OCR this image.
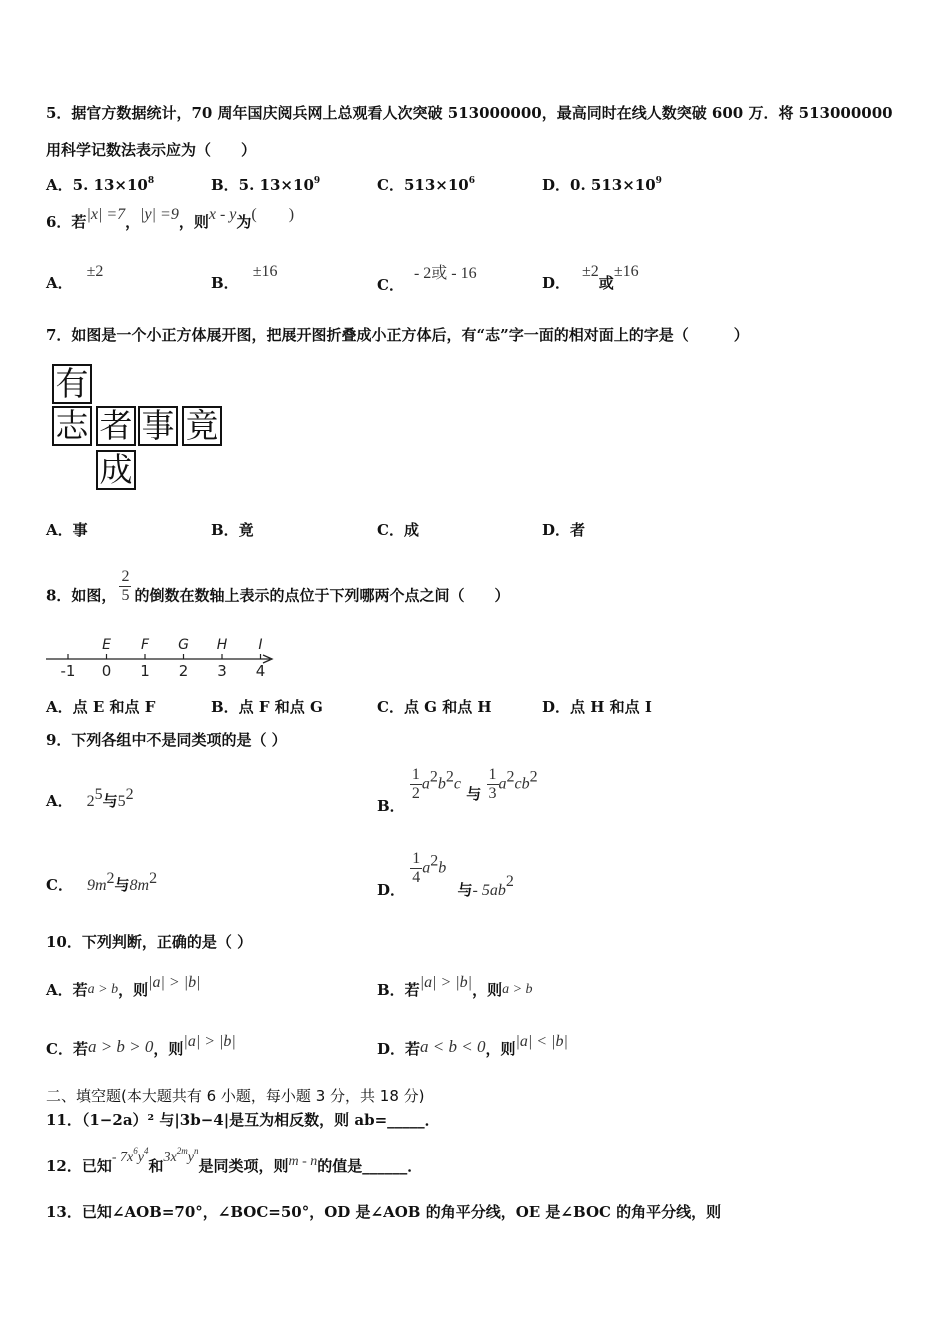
5．据官方数据统计，70 周年国庆阅兵网上总观看人次突破 513000000，最高同时在线人数突破 600 万．将 513000000
用科学记数法表示应为（　　）
A．5. $13\times 10^8$	B．5. $13\times 10^9$	C．$513\times 10^6$	D．0. $513\times 10^9$
6．若|x| =7，|y| =9，则x - y为(　　)
A．±2
B．±16
C．- 2或 - 16
D．±2或±16
7．如图是一个小正方体展开图，把展开图折叠成小正方体后，有“志”字一面的相对面上的字是（　　　）
有
志 者 事 竟
成
A．事	B．竟	C．成	D．者
8．如图， $\frac{2}{5}$ 的倒数在数轴上表示的点位于下列哪两个点之间（　　）
-1 0
E
1
F
2
G
3
H
4
I
A．点 E 和点 F	B．点 F 和点 G	C．点 G 和点 H	D．点 H 和点 I
9．下列各组中不是同类项的是（ ）
A． $2^5$与$5^2$
B．
$\frac{1}{2} a^2b^2c$ 与 $\frac{1}{3} a^2cb^2$
C． $9m^2$与$8m^2$
D．
$\frac{1}{4} a^2b$ 与- $5ab^2$
10．下列判断，正确的是（ ）
A．若a > b，则|a| > |b|	B．若|a| > |b|，则a > b
C．若a > b > 0，则|a| > |b|	D．若a < b < 0，则|a| < |b|
二、填空题(本大题共有 6 小题，每小题 3 分，共 18 分)
11．（1−2a）² 与|3b−4|是互为相反数，则 ab=_____．
12．已知- $7x^6y^4$和$3x^{2m}y^n$是同类项，则m - n的值是______．
13．已知∠AOB=70°，∠BOC=50°，OD 是∠AOB 的角平分线，OE 是∠BOC 的角平分线，则
